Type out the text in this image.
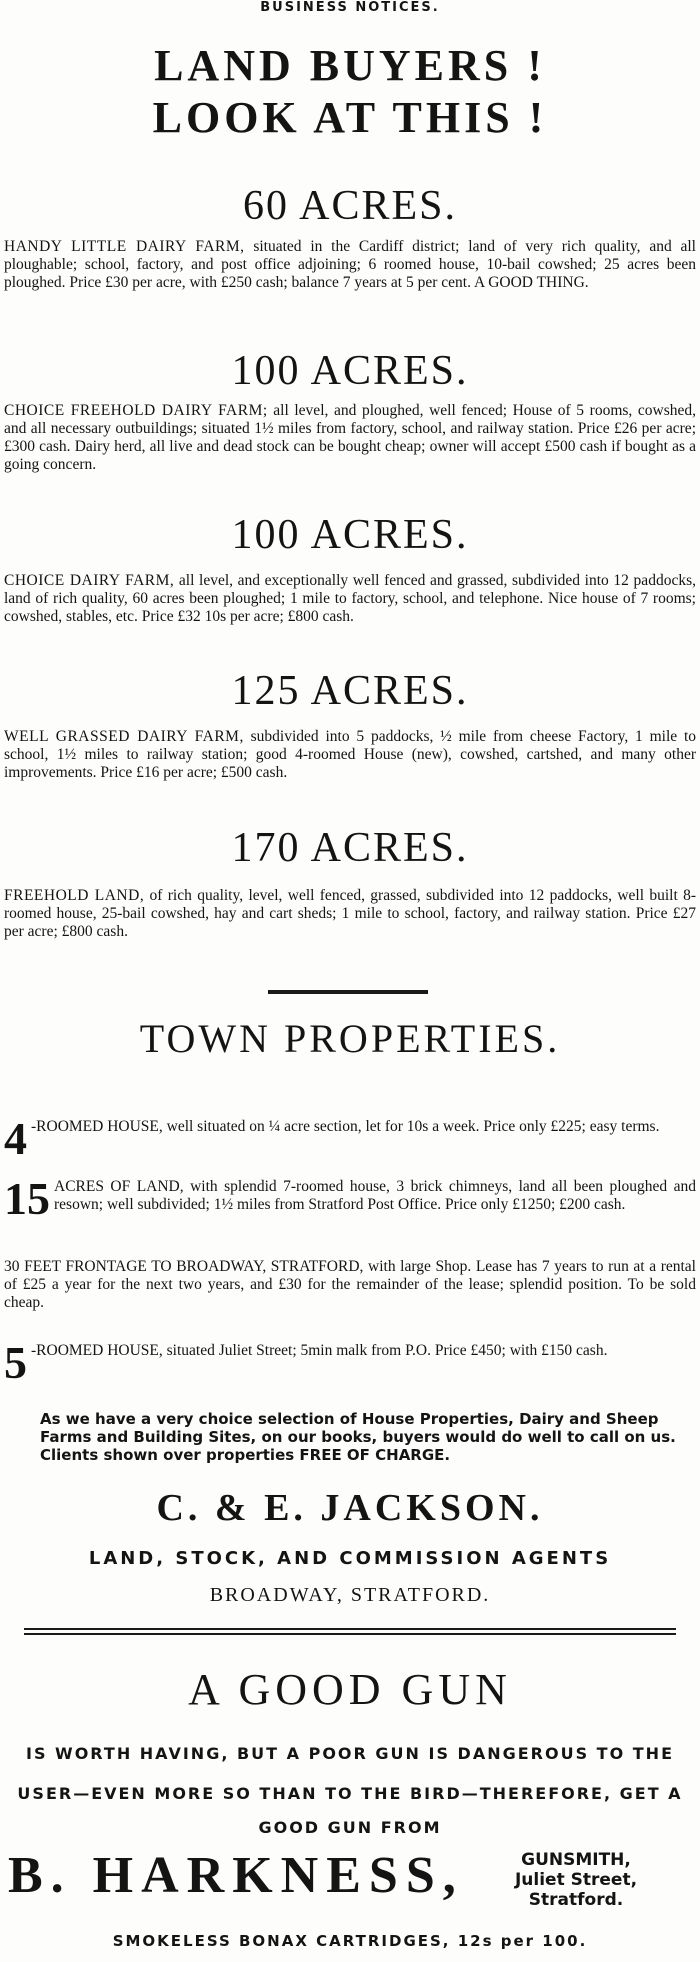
BUSINESS NOTICES.
LAND BUYERS !
LOOK AT THIS !
60 ACRES.
HANDY LITTLE DAIRY FARM, situated in the Cardiff district; land of very rich quality, and all ploughable; school, factory, and post office adjoining; 6 roomed house, 10-bail cowshed; 25 acres been ploughed. Price £30 per acre, with £250 cash; balance 7 years at 5 per cent. A GOOD THING.
100 ACRES.
CHOICE FREEHOLD DAIRY FARM; all level, and ploughed, well fenced; House of 5 rooms, cowshed, and all necessary outbuildings; situated 1½ miles from factory, school, and railway station. Price £26 per acre; £300 cash. Dairy herd, all live and dead stock can be bought cheap; owner will accept £500 cash if bought as a going concern.
100 ACRES.
CHOICE DAIRY FARM, all level, and exceptionally well fenced and grassed, subdivided into 12 paddocks, land of rich quality, 60 acres been ploughed; 1 mile to factory, school, and telephone. Nice house of 7 rooms; cowshed, stables, etc. Price £32 10s per acre; £800 cash.
125 ACRES.
WELL GRASSED DAIRY FARM, subdivided into 5 paddocks, ½ mile from cheese Factory, 1 mile to school, 1½ miles to railway station; good 4-roomed House (new), cowshed, cartshed, and many other improvements. Price £16 per acre; £500 cash.
170 ACRES.
FREEHOLD LAND, of rich quality, level, well fenced, grassed, subdivided into 12 paddocks, well built 8-roomed house, 25-bail cowshed, hay and cart sheds; 1 mile to school, factory, and railway station. Price £27 per acre; £800 cash.
TOWN PROPERTIES.
4 -ROOMED HOUSE, well situated on ¼ acre section, let for 10s a week. Price only £225; easy terms.
15 ACRES OF LAND, with splendid 7-roomed house, 3 brick chimneys, land all been ploughed and resown; well subdivided; 1½ miles from Stratford Post Office. Price only £1250; £200 cash.
30 FEET FRONTAGE TO BROADWAY, STRATFORD, with large Shop. Lease has 7 years to run at a rental of £25 a year for the next two years, and £30 for the remainder of the lease; splendid position. To be sold cheap.
5 -ROOMED HOUSE, situated Juliet Street; 5min malk from P.O. Price £450; with £150 cash.
As we have a very choice selection of House Properties, Dairy and Sheep Farms and Building Sites, on our books, buyers would do well to call on us. Clients shown over properties FREE OF CHARGE.
C. & E. JACKSON.
LAND, STOCK, AND COMMISSION AGENTS
BROADWAY, STRATFORD.
A GOOD GUN
IS WORTH HAVING, BUT A POOR GUN IS DANGEROUS TO THE
USER—EVEN MORE SO THAN TO THE BIRD—THEREFORE, GET A
GOOD GUN FROM
B. HARKNESS,	GUNSMITH,
Juliet Street, Stratford.
SMOKELESS BONAX CARTRIDGES, 12s per 100.
